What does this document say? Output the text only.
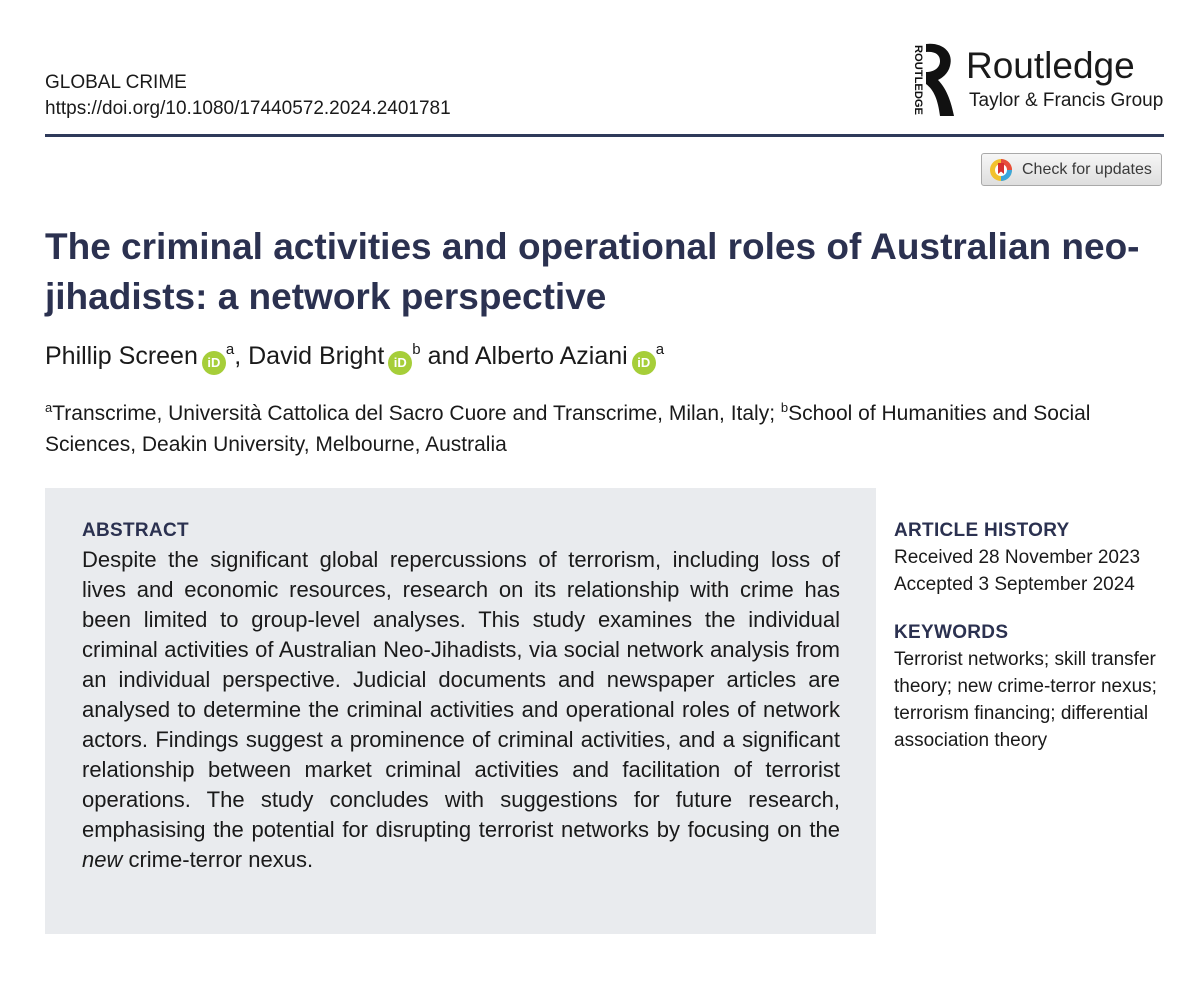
GLOBAL CRIME
https://doi.org/10.1080/17440572.2024.2401781	ROUTLEDGE Routledge
Taylor & Francis Group
Check for updates
The criminal activities and operational roles of Australian neo-jihadists: a network perspective
Phillip Screen $iD^a$, David Bright $iD^b$ and Alberto Aziani $iD^a$
$^a$Transcrime, Università Cattolica del Sacro Cuore and Transcrime, Milan, Italy; $^b$School of Humanities and Social Sciences, Deakin University, Melbourne, Australia
ABSTRACT

Despite the significant global repercussions of terrorism, including loss of lives and economic resources, research on its relationship with crime has been limited to group-level analyses. This study examines the individual criminal activities of Australian Neo-Jihadists, via social network analysis from an individual perspective. Judicial documents and newspaper articles are analysed to determine the criminal activities and operational roles of network actors. Findings suggest a prominence of criminal activities, and a significant relationship between market criminal activities and facilitation of terrorist operations. The study concludes with suggestions for future research, emphasising the potential for disrupting terrorist networks by focusing on the new crime-terror nexus.

ARTICLE HISTORY
Received 28 November 2023
Accepted 3 September 2024
KEYWORDS
Terrorist networks; skill transfer theory; new crime-terror nexus; terrorism financing; differential association theory
